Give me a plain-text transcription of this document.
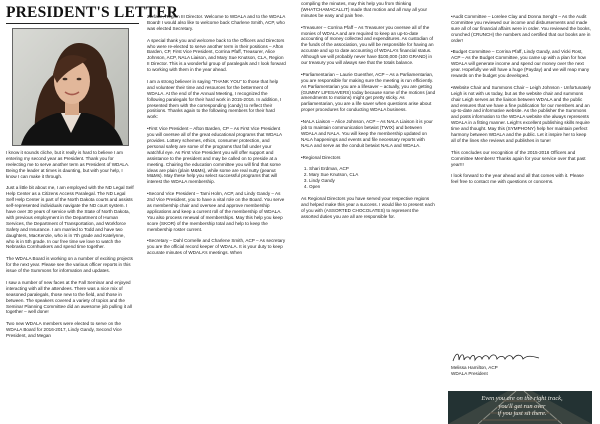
PRESIDENT'S LETTER

I know it sounds cliche, but it really is hard to believe I am entering my second year as President. Thank you for reelecting me to serve another term as President of WDALA. Being the leader at times is daunting, but with your help, I know I can make it through.

Just a little bit about me, I am employed with the ND Legal Self Help Center as a Citizens Access Paralegal. The ND Legal Self Help Center is part of the North Dakota courts and assists self-represented individuals navigate the ND court system. I have over 30 years of service with the State of North Dakota, with previous employment in the Department of Human Services, the Department of Transportation, and Workforce Safety and Insurance. I am married to Todd and have two daughters, MacKenzie, who is in 7th grade and Katelynne, who is in 5th grade. In our free time we love to watch the Nebraska Cornhuskers and spend time together.

The WDALA Board is working on a number of exciting projects for the next year. Please see the various officer reports in this issue of the Summons for information and updates.

I saw a number of new faces at the Fall Seminar and enjoyed interacting with all the attendees. There was a nice mix of seasoned paralegals, those new to the field, and those in between. The speakers covered a variety of topics and the Seminar Planning Committee did an awesome job pulling it all together – well done!

Two new WDALA members were elected to serve on the WDALA Board for 2016-2017, Lindy Gandy, Second Vice President, and Megan

Zerface, Region III Director. Welcome to WDALA and to the WDALA Board! I would also like to welcome back Charlene Smith, ACP, who was elected Secretary.

A special thank you and welcome back to the Officers and Directors who were re-elected to serve another term in their positions – Afton Barden, CP, First Vice President, Corrina Pfaff, Treasurer, Alice Johnson, ACP, NALA Liaison, and Mary Sue Knutson, CLA, Region II Director. This is a wonderful group of paralegals and I look forward to working with them in the year ahead.

I am a strong believer in saying “THANK YOU” to those that help and volunteer their time and resources for the betterment of WDALA. At the end of the Annual Meeting, I recognized the following paralegals for their hard work in 2015-2016. In addition, I presented them with the corresponding (candy) to reflect their positions. Thanks again to the following members for their hard work:

•First Vice President – Afton Barden, CP – As First Vice President you will oversee all of the great educational programs that WDALA provides. Lottery schemes, ethics, consumer protection, and personal safety are some of the programs that fall under your watchful eye. As First Vice President you will offer support and assistance to the president and may be called on to preside at a meeting. Chairing the education committee you will find that some ideas are plain (plain M&Ms), while some are real nutty (peanut M&Ms). May these help you select successful programs that will interest the WDALA membership.

•Second Vice President – Tami Holm, ACP, and Lindy Gandy – As 2nd Vice President, you to have a vital role on the Board. You serve as membership chair and oversee and approve membership applications and keep a current roll of the membership of WDALA. You also process renewal of memberships. May this help you keep score (SKOR) of the membership total and help to keep the membership roster current.

•Secretary – Dahl Cornelle and Charlene Smith, ACP – As secretary you are the official record keeper of WDALA. It is your duty to keep accurate minutes of WDALA’s meetings. When

compiling the minutes, may this help you from thinking (WHATCHAMACALLIT) made that motion and all may all your minutes be easy and pain free.

•Treasurer – Corrina Pfaff – As Treasurer you oversee all of the monies of WDALA and are required to keep an up-to-date accounting of money collected and expenditures. As custodian of the funds of the association, you will be responsible for having an accurate and up to date accounting of WDALA’s financial status. Although we will probably never have $100,000 (100 GRAND) in our treasury you will always see that the totals balance.

•Parliamentarian – Laurie Guenther, ACP – As a Parliamentarian, you are responsible for making sure the meeting is run efficiently. As Parliamentarian you are a lifesaver – actually, you are getting (GUMMY LIFESAVERS) today because some of the motions (and amendments to motions) might get pretty sticky. As parliamentarian, you are a life saver when questions arise about proper procedures for conducting WDALA business.

•NALA Liaison – Alice Johnson, ACP – As NALA Liaison it is your job to maintain communication betwixt (TWIX) and between WDALA and NALA. You will keep the membership updated on NALA happenings and events and file necessary reports with NALA and serve as the conduit betwixt NALA and WDALA.

•Regional Directors

1. Shari Erdman, ACP
2. Mary Sue Knutson, CLA
3. Lindy Gandy
4. Open

As Regional Directors you have served your respective regions and helped make this year a success. I would like to present each of you with (ASSORTED CHOCOLATES) to represent the assorted duties you are all are responsible for.

•Audit Committee – Lorelee Clay and Donna Senght – As the Audit Committee you reviewed our income and disbursements and made sure all of our financial affairs were in order. You reviewed the books, crunched (CRUNCH) the numbers and certified that our books are in order!

•Budget Committee – Corrina Pfaff, Lindy Gandy, and Vicki Rost, ACP – As the Budget Committee, you came up with a plan for how WDALA will generate income and spend our money over the next year. Hopefully we will have a huge (Payday) and we will reap many rewards on the budget you developed.

•Website Chair and Summons Chair – Leigh Johnson - Unfortunately Leigh is not with us today, but as the website chair and summons chair Leigh serves as the liaison between WDALA and the public and ensures that we have a fine publication for our members and an up-to-date and informative website. As the publisher the Summons and posts information to the WDALA website she always represents WDALA in a fitting manner. Leigh’s excellent publishing skills require time and thought. May this (SYMPHONY) help her maintain perfect harmony between WDALA and the public. Let it inspire her to keep all of the lines she reviews and publishes in tune!

This concludes our recognition of the 2015-2016 Officers and Committee Members! Thanks again for your service over that past year!!!

I look forward to the year ahead and all that comes with it. Please feel free to contact me with questions or concerns.

Melissa Hamilton, ACP
WDALA President
Even you are on the right track,
you'll get run over
if you just sit there.
